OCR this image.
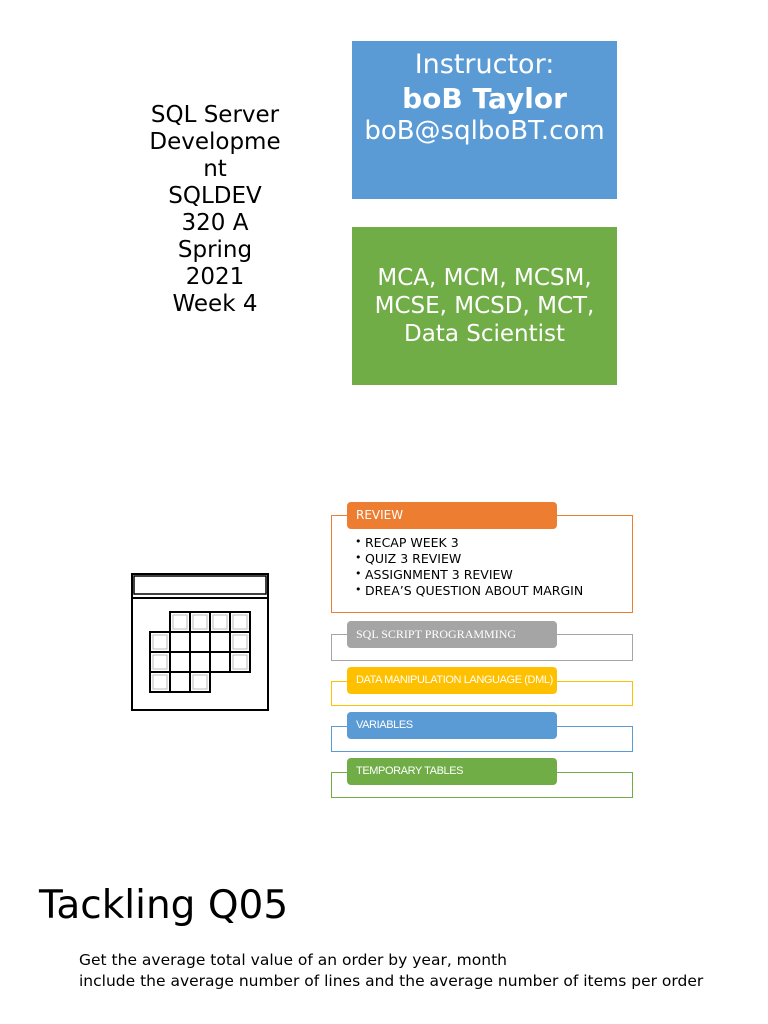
SQL Server
Developme
nt
SQLDEV
320 A
Spring
2021
Week 4
Instructor:
boB Taylor
boB@sqlboBT.com
MCA, MCM, MCSM, MCSE, MCSD, MCT, Data Scientist
REVIEW
• RECAP WEEK 3
• QUIZ 3 REVIEW
• ASSIGNMENT 3 REVIEW
• DREA’S QUESTION ABOUT MARGIN
SQL SCRIPT PROGRAMMING
DATA MANIPULATION LANGUAGE (DML)
VARIABLES
TEMPORARY TABLES
Tackling Q05
Get the average total value of an order by year, month
include the average number of lines and the average number of items per order
